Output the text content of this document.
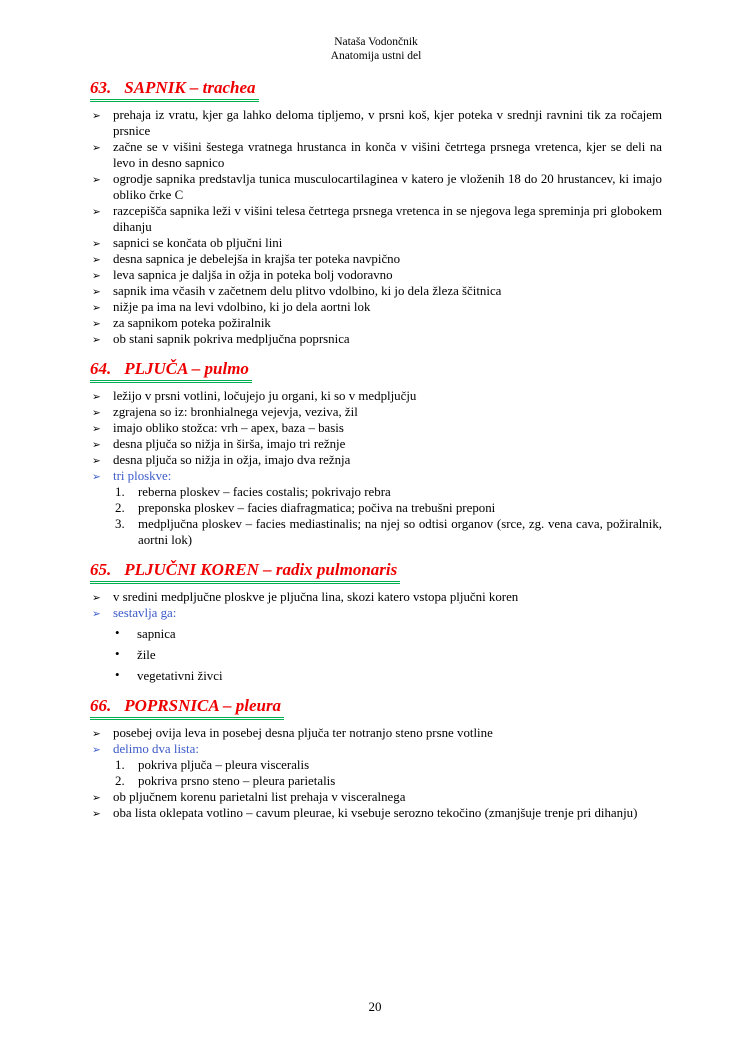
Nataša Vodončnik
Anatomija ustni del
63. SAPNIK – trachea
➢ prehaja iz vratu, kjer ga lahko deloma tipljemo, v prsni koš, kjer poteka v srednji ravnini tik za ročajem prsnice
➢ začne se v višini šestega vratnega hrustanca in konča v višini četrtega prsnega vretenca, kjer se deli na levo in desno sapnico
➢ ogrodje sapnika predstavlja tunica musculocartilaginea v katero je vloženih 18 do 20 hrustancev, ki imajo obliko črke C
➢ razcepišča sapnika leži v višini telesa četrtega prsnega vretenca in se njegova lega spreminja pri globokem dihanju
➢ sapnici se končata ob pljučni lini
➢ desna sapnica je debelejša in krajša ter poteka navpično
➢ leva sapnica je daljša in ožja in poteka bolj vodoravno
➢ sapnik ima včasih v začetnem delu plitvo vdolbino, ki jo dela žleza ščitnica
➢ nižje pa ima na levi vdolbino, ki jo dela aortni lok
➢ za sapnikom poteka požiralnik
➢ ob stani sapnik pokriva medpljučna poprsnica
64. PLJUČA – pulmo
➢ ležijo v prsni votlini, ločujejo ju organi, ki so v medpljučju
➢ zgrajena so iz: bronhialnega vejevja, veziva, žil
➢ imajo obliko stožca: vrh – apex, baza – basis
➢ desna pljuča so nižja in širša, imajo tri režnje
➢ desna pljuča so nižja in ožja, imajo dva režnja
➢ tri ploskve:
1. reberna ploskev – facies costalis; pokrivajo rebra
2. preponska ploskev – facies diafragmatica; počiva na trebušni preponi
3. medpljučna ploskev – facies mediastinalis; na njej so odtisi organov (srce, zg. vena cava, požiralnik, aortni lok)
65. PLJUČNI KOREN – radix pulmonaris
➢ v sredini medpljučne ploskve je pljučna lina, skozi katero vstopa pljučni koren
➢ sestavlja ga:
• sapnica
• žile
• vegetativni živci
66. POPRSNICA – pleura
➢ posebej ovija leva in posebej desna pljuča ter notranjo steno prsne votline
➢ delimo dva lista:
1. pokriva pljuča – pleura visceralis
2. pokriva prsno steno – pleura parietalis
➢ ob pljučnem korenu parietalni list prehaja v visceralnega
➢ oba lista oklepata votlino – cavum pleurae, ki vsebuje serozno tekočino (zmanjšuje trenje pri dihanju)
20
